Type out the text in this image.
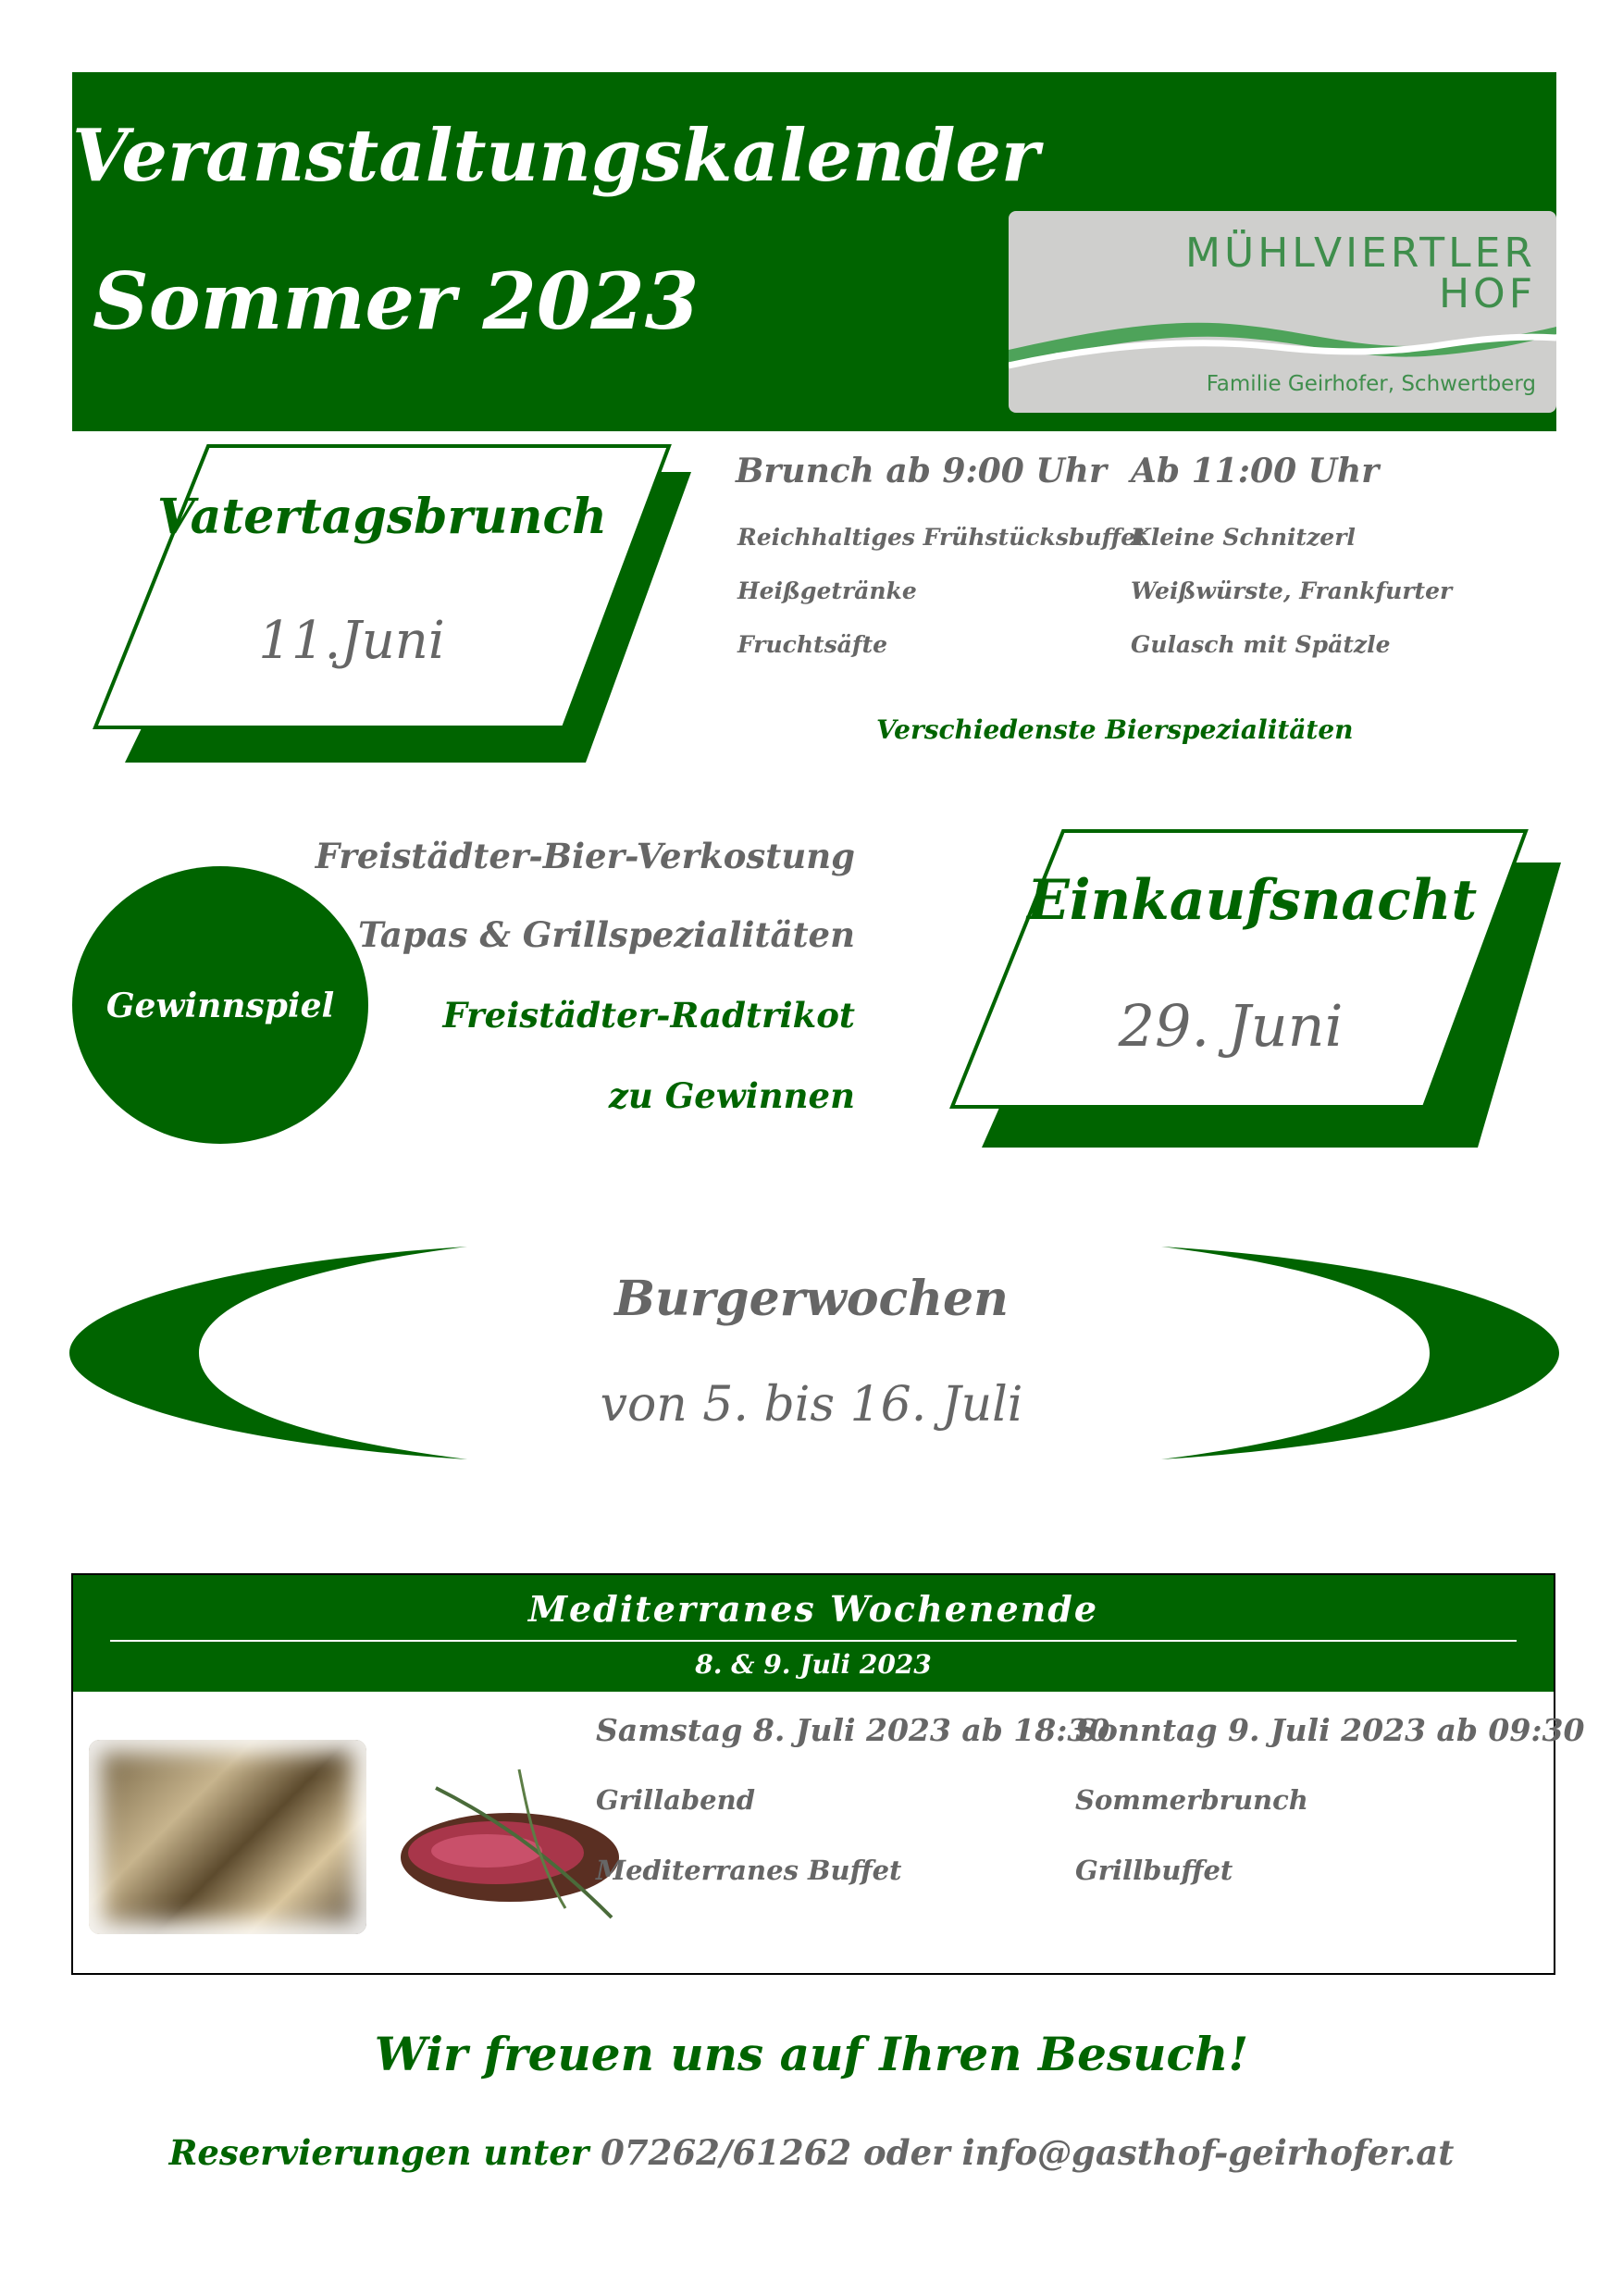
Veranstaltungskalender
Sommer 2023
MÜHLVIERTLER
HOF
Familie Geirhofer, Schwertberg
Vatertagsbrunch
11.Juni
Brunch ab 9:00 Uhr
Reichhaltiges Frühstücksbuffet
Heißgetränke
Fruchtsäfte
Ab 11:00 Uhr
Kleine Schnitzerl
Weißwürste, Frankfurter
Gulasch mit Spätzle
Verschiedenste Bierspezialitäten
Gewinnspiel
Freistädter-Bier-Verkostung
Tapas & Grillspezialitäten
Freistädter-Radtrikot
zu Gewinnen
Einkaufsnacht
29. Juni
Burgerwochen
von 5. bis 16. Juli
Mediterranes Wochenende
8. & 9. Juli 2023
Samstag 8. Juli 2023 ab 18:30
Grillabend
Mediterranes Buffet
Sonntag 9. Juli 2023 ab 09:30
Sommerbrunch
Grillbuffet
Wir freuen uns auf Ihren Besuch!
Reservierungen unter 07262/61262 oder info@gasthof-geirhofer.at
